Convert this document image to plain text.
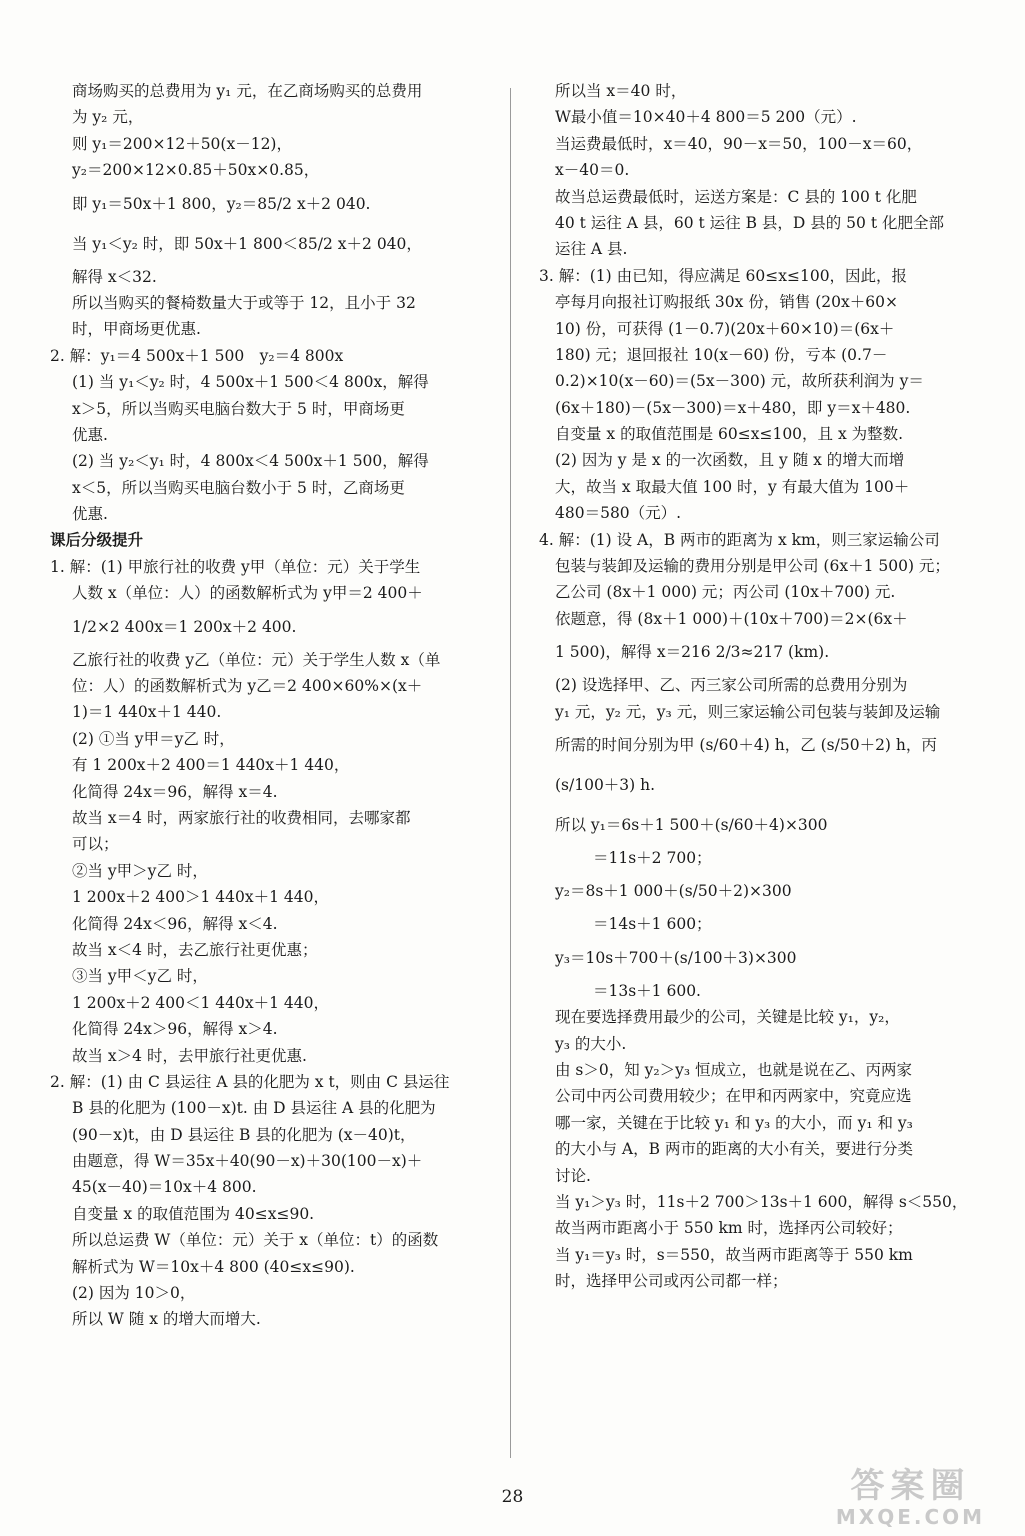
商场购买的总费用为 y₁ 元，在乙商场购买的总费用
为 y₂ 元，
则 y₁＝200×12＋50(x－12)，
y₂＝200×12×0.85＋50x×0.85，
即 y₁＝50x＋1 800，y₂＝85/2 x＋2 040.
当 y₁＜y₂ 时，即 50x＋1 800＜85/2 x＋2 040，
解得 x＜32.
所以当购买的餐椅数量大于或等于 12，且小于 32
时，甲商场更优惠.
2. 解：y₁＝4 500x＋1 500　y₂＝4 800x
(1) 当 y₁＜y₂ 时，4 500x＋1 500＜4 800x，解得
x＞5，所以当购买电脑台数大于 5 时，甲商场更
优惠.
(2) 当 y₂＜y₁ 时，4 800x＜4 500x＋1 500，解得
x＜5，所以当购买电脑台数小于 5 时，乙商场更
优惠.
课后分级提升
1. 解：(1) 甲旅行社的收费 y甲（单位：元）关于学生
人数 x（单位：人）的函数解析式为 y甲＝2 400＋
1/2×2 400x＝1 200x＋2 400.
乙旅行社的收费 y乙（单位：元）关于学生人数 x（单
位：人）的函数解析式为 y乙＝2 400×60%×(x＋
1)＝1 440x＋1 440.
(2) ①当 y甲＝y乙 时，
有 1 200x＋2 400＝1 440x＋1 440，
化简得 24x＝96，解得 x＝4.
故当 x＝4 时，两家旅行社的收费相同，去哪家都
可以；
②当 y甲＞y乙 时，
1 200x＋2 400＞1 440x＋1 440，
化简得 24x＜96，解得 x＜4.
故当 x＜4 时，去乙旅行社更优惠；
③当 y甲＜y乙 时，
1 200x＋2 400＜1 440x＋1 440，
化简得 24x＞96，解得 x＞4.
故当 x＞4 时，去甲旅行社更优惠.
2. 解：(1) 由 C 县运往 A 县的化肥为 x t，则由 C 县运往
B 县的化肥为 (100－x)t. 由 D 县运往 A 县的化肥为
(90－x)t，由 D 县运往 B 县的化肥为 (x－40)t，
由题意，得 W＝35x＋40(90－x)＋30(100－x)＋
45(x－40)＝10x＋4 800.
自变量 x 的取值范围为 40≤x≤90.
所以总运费 W（单位：元）关于 x（单位：t）的函数
解析式为 W＝10x＋4 800 (40≤x≤90).
(2) 因为 10＞0，
所以 W 随 x 的增大而增大.
所以当 x＝40 时，
W最小值＝10×40＋4 800＝5 200（元）.
当运费最低时，x＝40，90－x＝50，100－x＝60，
x－40＝0.
故当总运费最低时，运送方案是：C 县的 100 t 化肥
40 t 运往 A 县，60 t 运往 B 县，D 县的 50 t 化肥全部
运往 A 县.
3. 解：(1) 由已知，得应满足 60≤x≤100，因此，报
亭每月向报社订购报纸 30x 份，销售 (20x＋60×
10) 份，可获得 (1－0.7)(20x＋60×10)＝(6x＋
180) 元；退回报社 10(x－60) 份，亏本 (0.7－
0.2)×10(x－60)＝(5x－300) 元，故所获利润为 y＝
(6x＋180)－(5x－300)＝x＋480，即 y＝x＋480.
自变量 x 的取值范围是 60≤x≤100，且 x 为整数.
(2) 因为 y 是 x 的一次函数，且 y 随 x 的增大而增
大，故当 x 取最大值 100 时，y 有最大值为 100＋
480＝580（元）.
4. 解：(1) 设 A，B 两市的距离为 x km，则三家运输公司
包装与装卸及运输的费用分别是甲公司 (6x＋1 500) 元；
乙公司 (8x＋1 000) 元；丙公司 (10x＋700) 元.
依题意，得 (8x＋1 000)＋(10x＋700)＝2×(6x＋
1 500)，解得 x＝216 2/3≈217 (km).
(2) 设选择甲、乙、丙三家公司所需的总费用分别为
y₁ 元，y₂ 元，y₃ 元，则三家运输公司包装与装卸及运输
所需的时间分别为甲 (s/60＋4) h，乙 (s/50＋2) h，丙
(s/100＋3) h.
所以 y₁＝6s＋1 500＋(s/60＋4)×300
＝11s＋2 700；
y₂＝8s＋1 000＋(s/50＋2)×300
＝14s＋1 600；
y₃＝10s＋700＋(s/100＋3)×300
＝13s＋1 600.
现在要选择费用最少的公司，关键是比较 y₁，y₂，
y₃ 的大小.
由 s＞0，知 y₂＞y₃ 恒成立，也就是说在乙、丙两家
公司中丙公司费用较少；在甲和丙两家中，究竟应选
哪一家，关键在于比较 y₁ 和 y₃ 的大小，而 y₁ 和 y₃
的大小与 A，B 两市的距离的大小有关，要进行分类
讨论.
当 y₁＞y₃ 时，11s＋2 700＞13s＋1 600，解得 s＜550，
故当两市距离小于 550 km 时，选择丙公司较好；
当 y₁＝y₃ 时，s＝550，故当两市距离等于 550 km
时，选择甲公司或丙公司都一样；
28	答案圈
MXQE.COM
